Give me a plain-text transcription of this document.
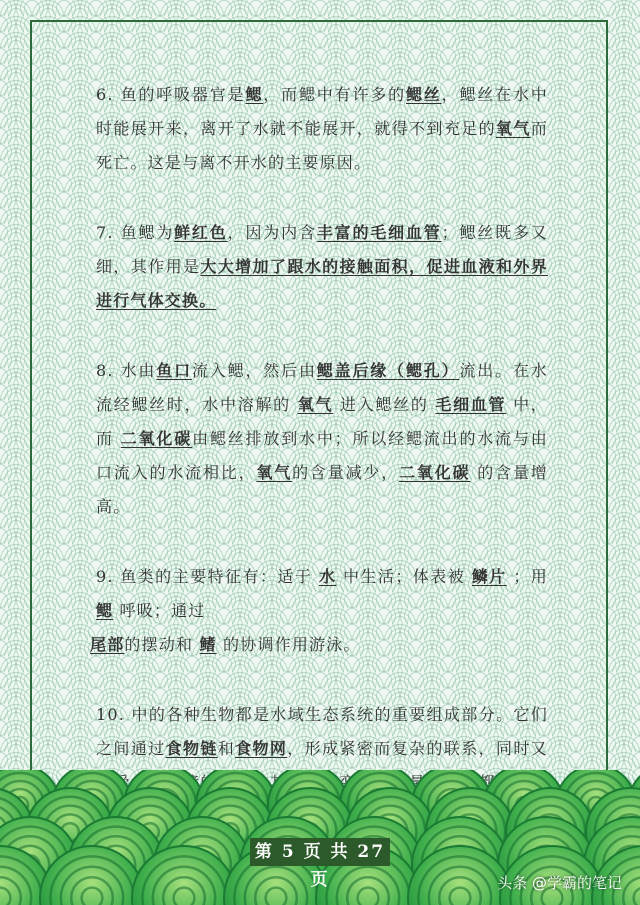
6. 鱼的呼吸器官是鳃，而鳃中有许多的鳃丝，鳃丝在水中时能展开来，离开了水就不能展开，就得不到充足的氧气而死亡。这是与离不开水的主要原因。

7. 鱼鳃为鲜红色，因为内含丰富的毛细血管；鳃丝既多又细，其作用是大大增加了跟水的接触面积，促进血液和外界进行气体交换。

8. 水由鱼口流入鳃，然后由鳃盖后缘（鳃孔）流出。在水流经鳃丝时，水中溶解的 氧气 进入鳃丝的 毛细血管 中，而 二氧化碳由鳃丝排放到水中；所以经鳃流出的水流与由口流入的水流相比，氧气的含量减少，二氧化碳 的含量增高。

9. 鱼类的主要特征有：适于 水 中生活；体表被 鳞片 ；用 鳃 呼吸；通过
尾部的摆动和 鳍 的协调作用游泳。

10. 中的各种生物都是水域生态系统的重要组成部分。它们之间通过食物链和食物网，形成紧密而复杂的联系，同时又 域环境的影响 长都会

第 5 页 共 27 页	头条 @学霸的笔记
